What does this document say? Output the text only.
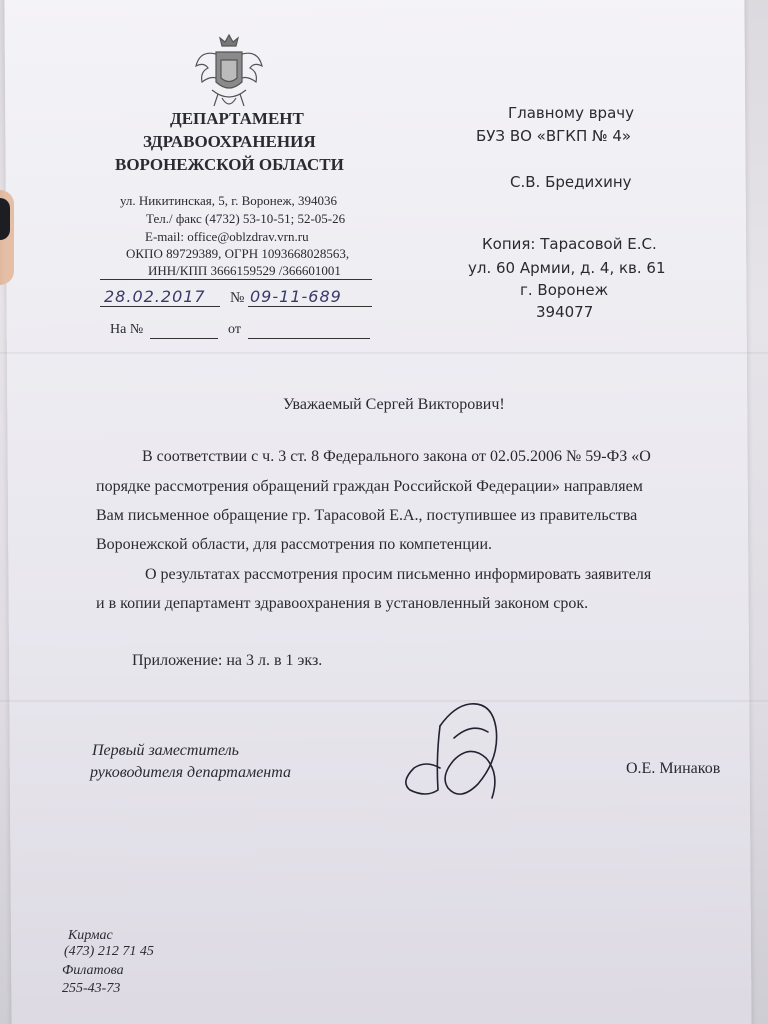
ДЕПАРТАМЕНТ
ЗДРАВООХРАНЕНИЯ
ВОРОНЕЖСКОЙ ОБЛАСТИ
ул. Никитинская, 5, г. Воронеж, 394036
Тел./ факс (4732) 53-10-51; 52-05-26
E-mail: office@oblzdrav.vrn.ru
ОКПО 89729389, ОГРН 1093668028563,
ИНН/КПП 3666159529 /366601001
28.02.2017 № 09-11-689
На №	от
Главному врачу
БУЗ ВО «ВГКП № 4»
С.В. Бредихину
Копия: Тарасовой Е.С.
ул. 60 Армии, д. 4, кв. 61
г. Воронеж
394077
Уважаемый Сергей Викторович!
В соответствии с ч. 3 ст. 8 Федерального закона от 02.05.2006 № 59-ФЗ «О
порядке рассмотрения обращений граждан Российской Федерации» направляем
Вам письменное обращение гр. Тарасовой Е.А., поступившее из правительства
Воронежской области, для рассмотрения по компетенции.
О результатах рассмотрения просим письменно информировать заявителя
и в копии департамент здравоохранения в установленный законом срок.
Приложение: на 3 л. в 1 экз.
Первый заместитель
руководителя департамента	О.Е. Минаков
Кирмас
(473) 212 71 45
Филатова
255-43-73
